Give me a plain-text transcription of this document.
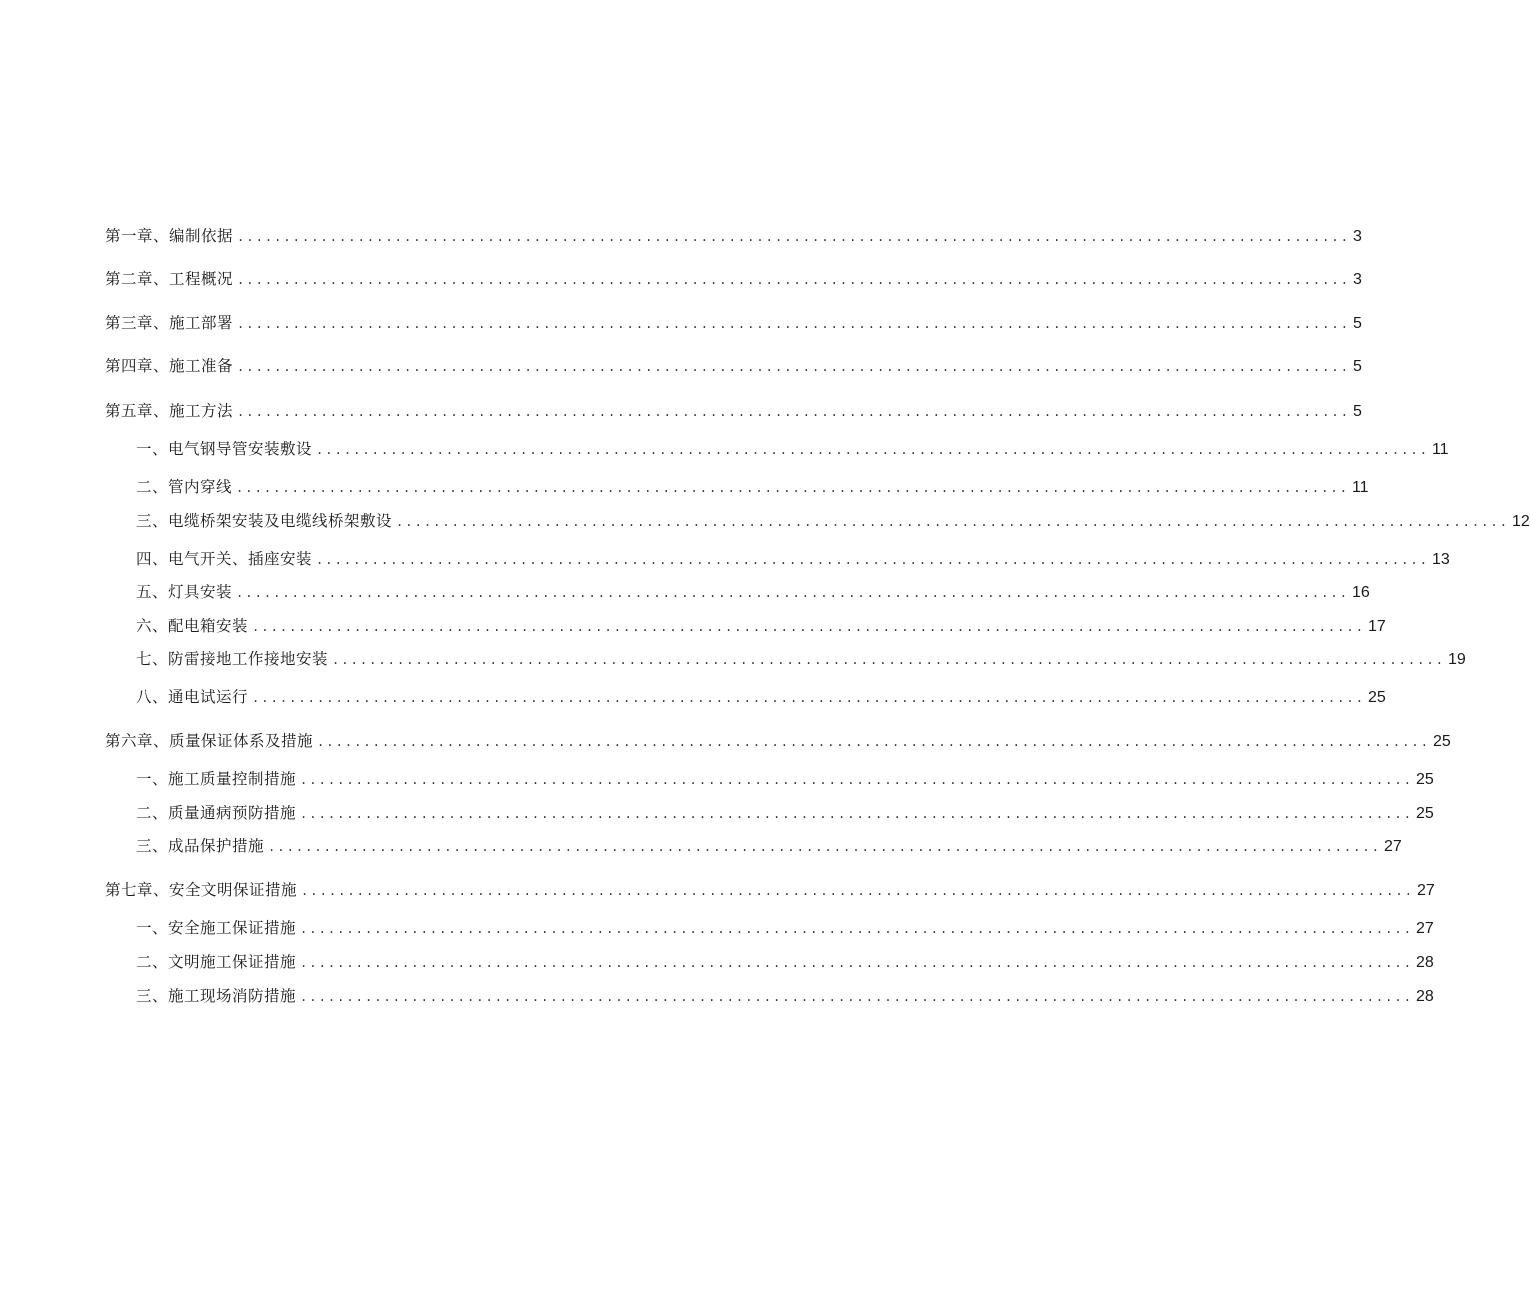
第一章、编制依据 ........................................................................................................................ 3
第二章、工程概况 ........................................................................................................................ 3
第三章、施工部署 ........................................................................................................................ 5
第四章、施工准备 ........................................................................................................................ 5
第五章、施工方法 ........................................................................................................................ 5
一、电气钢导管安装敷设 ........................................................................................................................ 11
二、管内穿线 ........................................................................................................................ 11
三、电缆桥架安装及电缆线桥架敷设 ........................................................................................................................ 12
四、电气开关、插座安装 ........................................................................................................................ 13
五、灯具安装 ........................................................................................................................ 16
六、配电箱安装 ........................................................................................................................ 17
七、防雷接地工作接地安装 ........................................................................................................................ 19
八、通电试运行 ........................................................................................................................ 25
第六章、质量保证体系及措施 ........................................................................................................................ 25
一、施工质量控制措施 ........................................................................................................................ 25
二、质量通病预防措施 ........................................................................................................................ 25
三、成品保护措施 ........................................................................................................................ 27
第七章、安全文明保证措施 ........................................................................................................................ 27
一、安全施工保证措施 ........................................................................................................................ 27
二、文明施工保证措施 ........................................................................................................................ 28
三、施工现场消防措施 ........................................................................................................................ 28
